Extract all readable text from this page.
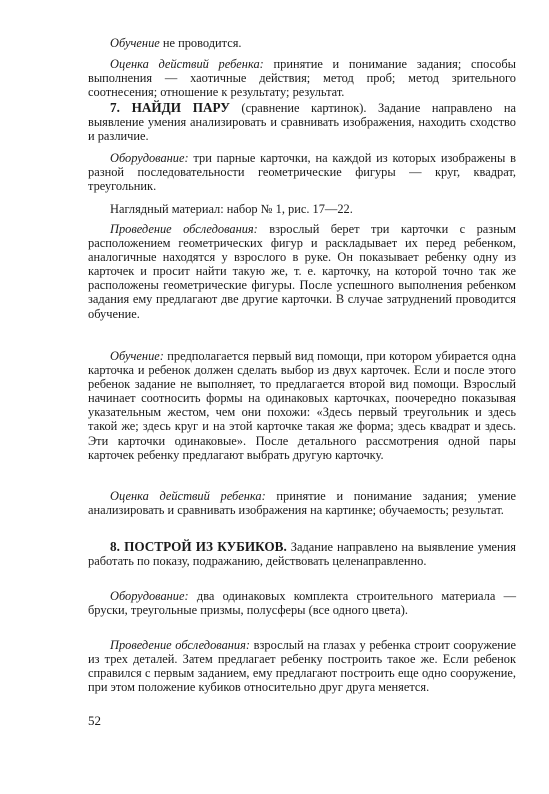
Обучение не проводится.

Оценка действий ребенка: принятие и понимание задания; способы выполнения — хаотичные действия; метод проб; метод зрительного соотнесения; отношение к результату; результат.

7. НАЙДИ ПАРУ (сравнение картинок). Задание направлено на выявление умения анализировать и сравнивать изображения, находить сходство и различие.

Оборудование: три парные карточки, на каждой из которых изображены в разной последовательности геометрические фигуры — круг, квадрат, треугольник.

Наглядный материал: набор № 1, рис. 17—22.

Проведение обследования: взрослый берет три карточки с разным расположением геометрических фигур и раскладывает их перед ребенком, аналогичные находятся у взрослого в руке. Он показывает ребенку одну из карточек и просит найти такую же, т. е. карточку, на которой точно так же расположены геометрические фигуры. После успешного выполнения ребенком задания ему предлагают две другие карточки. В случае затруднений проводится обучение.

Обучение: предполагается первый вид помощи, при котором убирается одна карточка и ребенок должен сделать выбор из двух карточек. Если и после этого ребенок задание не выполняет, то предлагается второй вид помощи. Взрослый начинает соотносить формы на одинаковых карточках, поочередно показывая указательным жестом, чем они похожи: «Здесь первый треугольник и здесь такой же; здесь круг и на этой карточке такая же форма; здесь квадрат и здесь. Эти карточки одинаковые». После детального рассмотрения одной пары карточек ребенку предлагают выбрать другую карточку.

Оценка действий ребенка: принятие и понимание задания; умение анализировать и сравнивать изображения на картинке; обучаемость; результат.

8. ПОСТРОЙ ИЗ КУБИКОВ. Задание направлено на выявление умения работать по показу, подражанию, действовать целенаправленно.

Оборудование: два одинаковых комплекта строительного материала — бруски, треугольные призмы, полусферы (все одного цвета).

Проведение обследования: взрослый на глазах у ребенка строит сооружение из трех деталей. Затем предлагает ребенку построить такое же. Если ребенок справился с первым заданием, ему предлагают построить еще одно сооружение, при этом положение кубиков относительно друг друга меняется.

52
